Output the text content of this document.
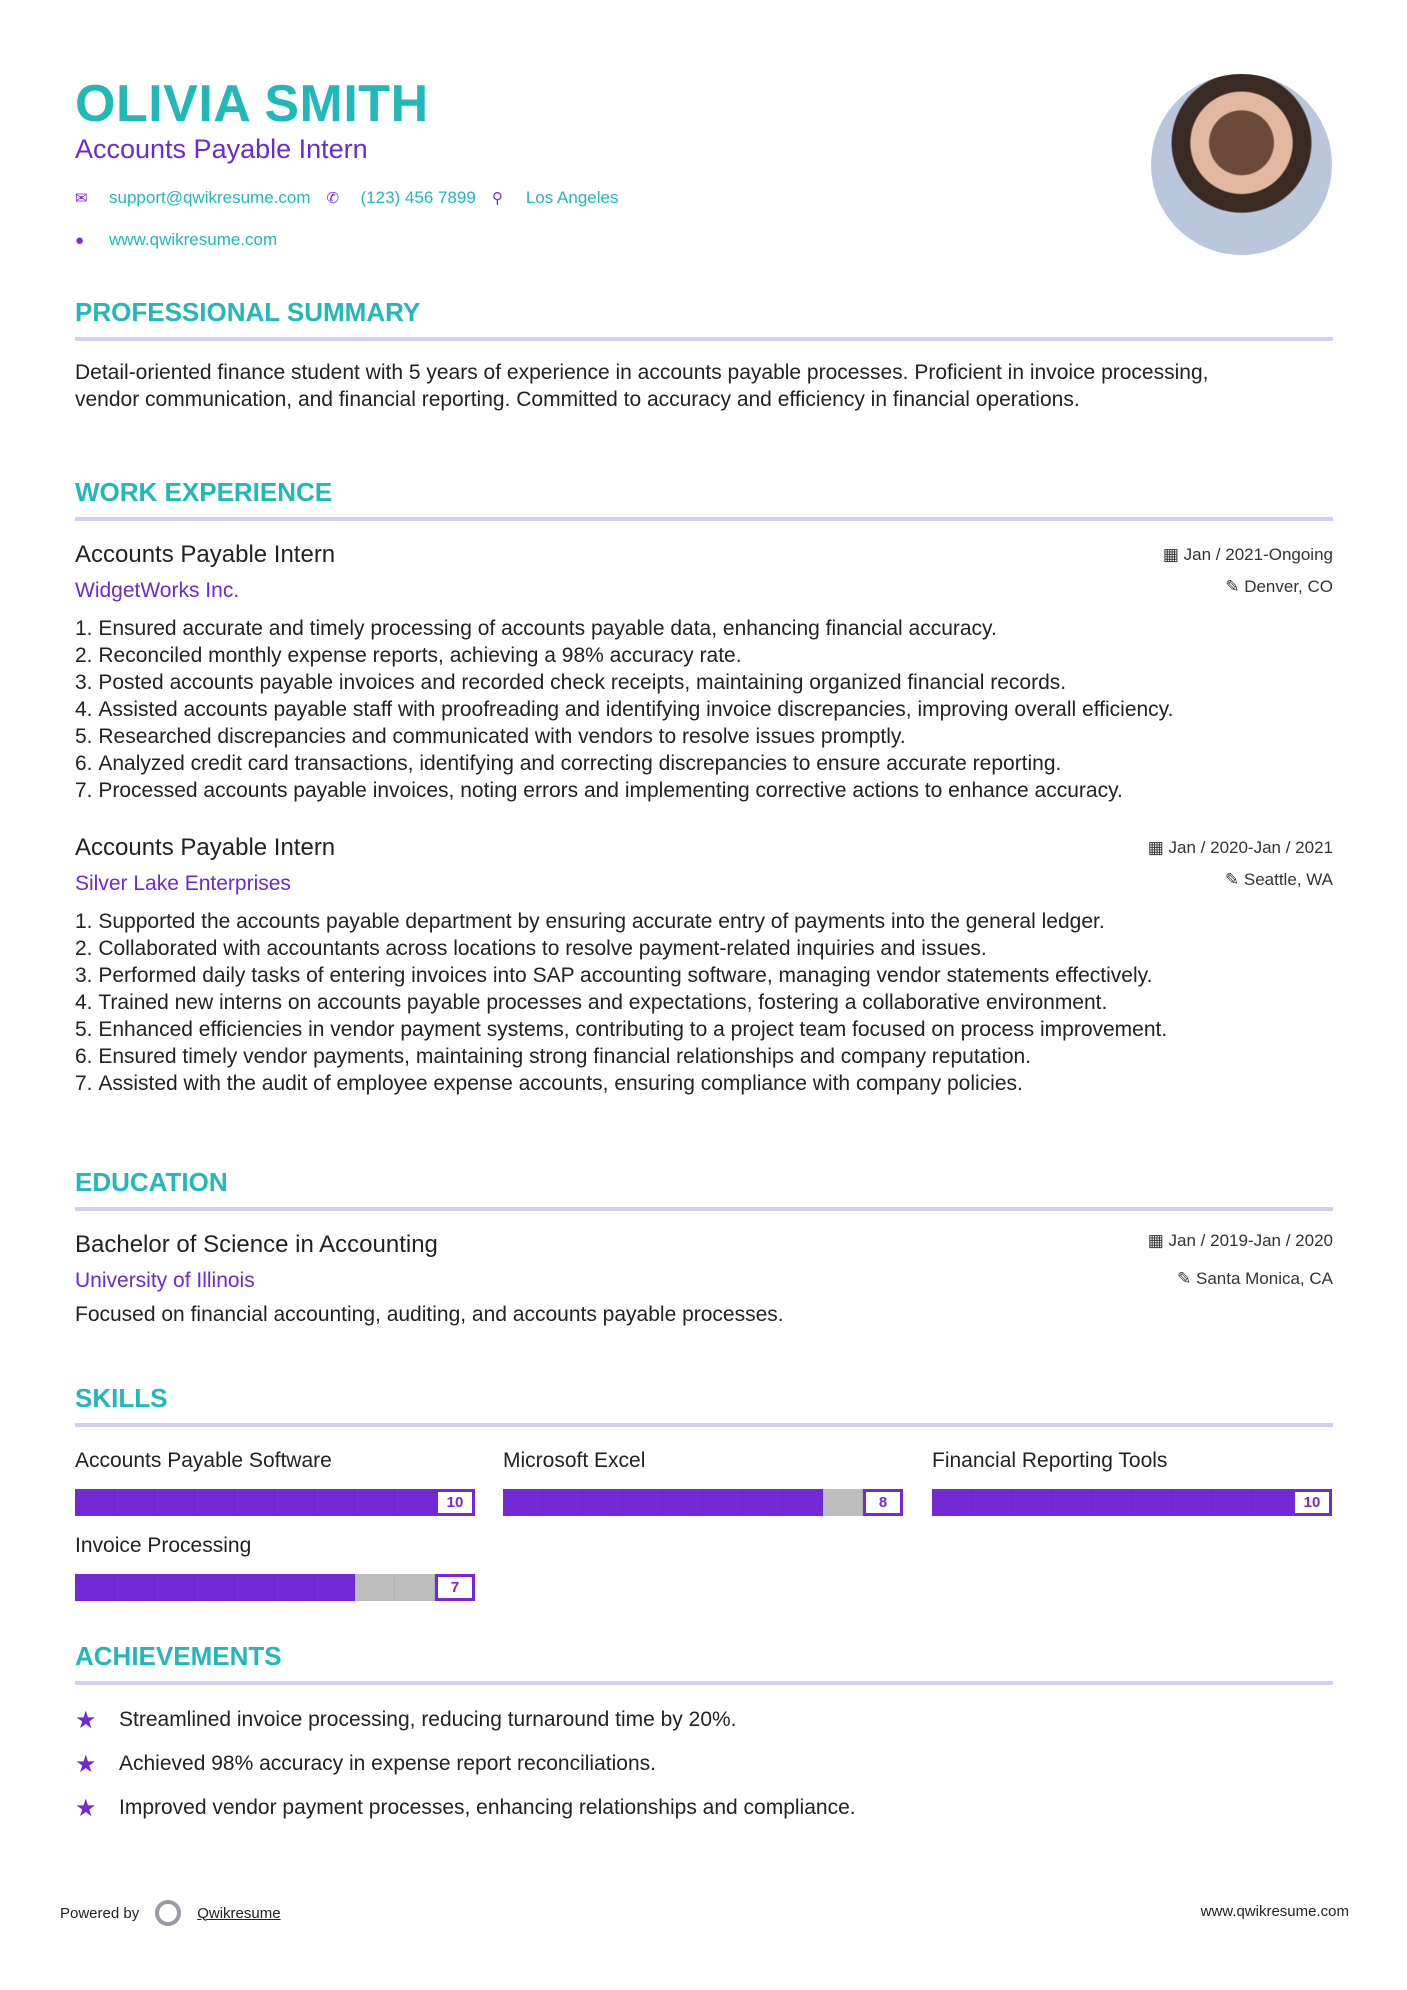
OLIVIA SMITH
Accounts Payable Intern
✉	support@qwikresume.com ✆	(123) 456 7899 ⚲	Los Angeles
●	www.qwikresume.com
PROFESSIONAL SUMMARY
Detail-oriented finance student with 5 years of experience in accounts payable processes. Proficient in invoice processing, vendor communication, and financial reporting. Committed to accuracy and efficiency in financial operations.
WORK EXPERIENCE
▦ Jan / 2021-Ongoing
✎ Denver, CO
Accounts Payable Intern
WidgetWorks Inc.
1. Ensured accurate and timely processing of accounts payable data, enhancing financial accuracy.
2. Reconciled monthly expense reports, achieving a 98% accuracy rate.
3. Posted accounts payable invoices and recorded check receipts, maintaining organized financial records.
4. Assisted accounts payable staff with proofreading and identifying invoice discrepancies, improving overall efficiency.
5. Researched discrepancies and communicated with vendors to resolve issues promptly.
6. Analyzed credit card transactions, identifying and correcting discrepancies to ensure accurate reporting.
7. Processed accounts payable invoices, noting errors and implementing corrective actions to enhance accuracy.
▦ Jan / 2020-Jan / 2021
✎ Seattle, WA
Accounts Payable Intern
Silver Lake Enterprises
1. Supported the accounts payable department by ensuring accurate entry of payments into the general ledger.
2. Collaborated with accountants across locations to resolve payment-related inquiries and issues.
3. Performed daily tasks of entering invoices into SAP accounting software, managing vendor statements effectively.
4. Trained new interns on accounts payable processes and expectations, fostering a collaborative environment.
5. Enhanced efficiencies in vendor payment systems, contributing to a project team focused on process improvement.
6. Ensured timely vendor payments, maintaining strong financial relationships and company reputation.
7. Assisted with the audit of employee expense accounts, ensuring compliance with company policies.
EDUCATION
▦ Jan / 2019-Jan / 2020
✎ Santa Monica, CA
Bachelor of Science in Accounting
University of Illinois
Focused on financial accounting, auditing, and accounts payable processes.
SKILLS
Accounts Payable Software
10
Microsoft Excel
8
Financial Reporting Tools
10
Invoice Processing
7
ACHIEVEMENTS
★	Streamlined invoice processing, reducing turnaround time by 20%.
★	Achieved 98% accuracy in expense report reconciliations.
★	Improved vendor payment processes, enhancing relationships and compliance.
Powered by	Qwikresume	www.qwikresume.com
